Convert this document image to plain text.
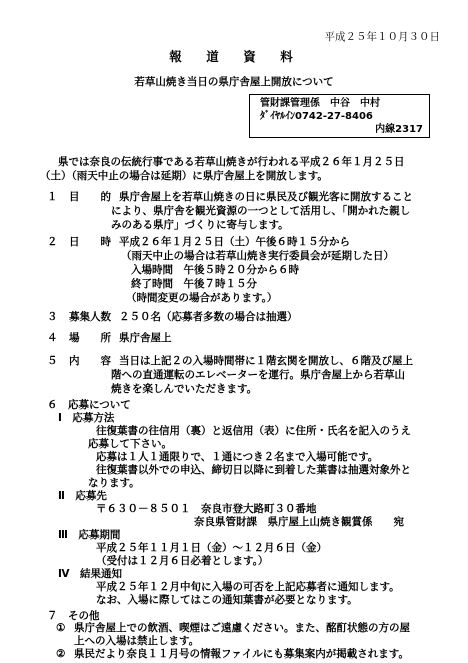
平成２５年１０月３０日
報　道　資　料
若草山焼き当日の県庁舎屋上開放について
管財課管理係　中谷　中村
ﾀﾞｲﾔﾙｲﾝ0742-27-8406
内線2317
県では奈良の伝統行事である若草山焼きが行われる平成２６年１月２５日
（土）（雨天中止の場合は延期）に県庁舎屋上を開放します。
１ 目　　的 県庁舎屋上を若草山焼きの日に県民及び観光客に開放すること
により、県庁舎を観光資源の一つとして活用し、「開かれた親し
みのある県庁」づくりに寄与します。
２ 日　　時 平成２６年１月２５日（土）午後６時１５分から
（雨天中止の場合は若草山焼き実行委員会が延期した日）
入場時間　午後５時２０分から６時
終了時間　午後７時１５分
（時間変更の場合があります。）
３ 募集人数 ２５０名（応募者多数の場合は抽選）
４ 場　　所 県庁舎屋上
５ 内　　容 当日は上記２の入場時間帯に１階玄関を開放し、６階及び屋上
階への直通運転のエレベーターを運行。県庁舎屋上から若草山
焼きを楽しんでいただきます。
６　応募について
Ⅰ　応募方法
往復葉書の往信用（裏）と返信用（表）に住所・氏名を記入のうえ
応募して下さい。
応募は１人１通限りで、１通につき２名まで入場可能です。
往復葉書以外での申込、締切日以降に到着した葉書は抽選対象外と
なります。
Ⅱ　応募先
〒６３０－８５０１　奈良市登大路町３０番地
奈良県管財課　県庁屋上山焼き観賞係　　宛
Ⅲ　応募期間
平成２５年１１月１日（金）～１２月６日（金）
（受付は１２月６日必着とします。）
Ⅳ　結果通知
平成２５年１２月中旬に入場の可否を上記応募者に通知します。
なお、入場に際してはこの通知葉書が必要となります。
７　その他
① 県庁舎屋上での飲酒、喫煙はご遠慮ください。また、酩酊状態の方の屋
上への入場は禁止します。
② 県民だより奈良１１月号の情報ファイルにも募集案内が掲載されます。
